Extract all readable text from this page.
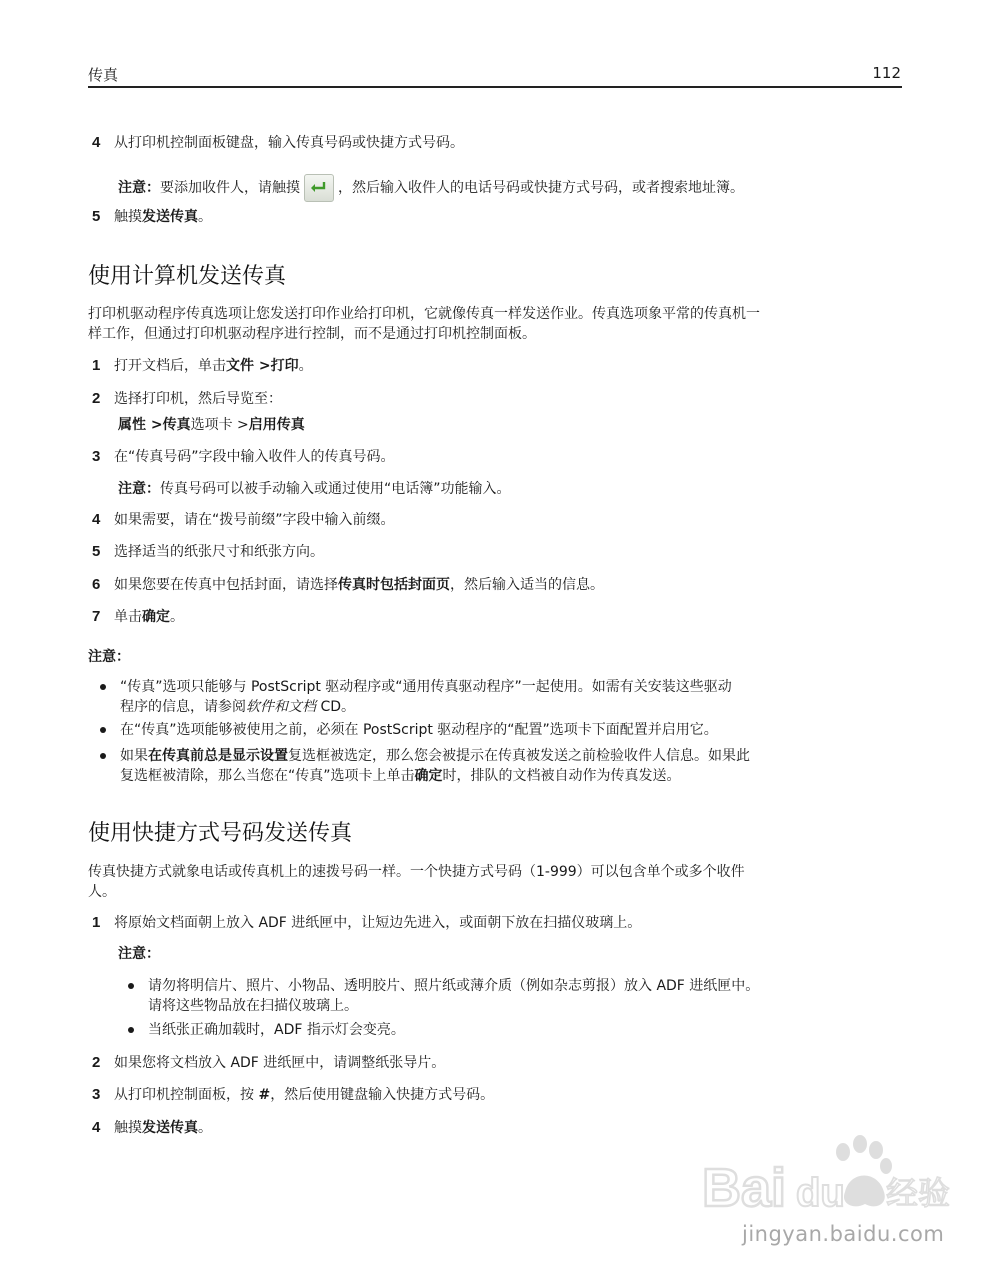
传真	112
4 从打印机控制面板键盘，输入传真号码或快捷方式号码。
注意：要添加收件人，请触摸	，然后输入收件人的电话号码或快捷方式号码，或者搜索地址簿。
5 触摸发送传真。
使用计算机发送传真
打印机驱动程序传真选项让您发送打印作业给打印机，它就像传真一样发送作业。传真选项象平常的传真机一
样工作，但通过打印机驱动程序进行控制，而不是通过打印机控制面板。
1 打开文档后，单击文件 >打印。
2 选择打印机，然后导览至：
属性 >传真选项卡 >启用传真
3 在“传真号码”字段中输入收件人的传真号码。
注意：传真号码可以被手动输入或通过使用“电话簿”功能输入。
4 如果需要，请在“拨号前缀”字段中输入前缀。
5 选择适当的纸张尺寸和纸张方向。
6 如果您要在传真中包括封面，请选择传真时包括封面页，然后输入适当的信息。
7 单击确定。
注意：
“传真”选项只能够与 PostScript 驱动程序或“通用传真驱动程序”一起使用。如需有关安装这些驱动
程序的信息，请参阅软件和文档 CD。
在“传真”选项能够被使用之前，必须在 PostScript 驱动程序的“配置”选项卡下面配置并启用它。
如果在传真前总是显示设置复选框被选定，那么您会被提示在传真被发送之前检验收件人信息。如果此
复选框被清除，那么当您在“传真”选项卡上单击确定时，排队的文档被自动作为传真发送。
使用快捷方式号码发送传真
传真快捷方式就象电话或传真机上的速拨号码一样。一个快捷方式号码（1-999）可以包含单个或多个收件
人。
1 将原始文档面朝上放入 ADF 进纸匣中，让短边先进入，或面朝下放在扫描仪玻璃上。
注意：
请勿将明信片、照片、小物品、透明胶片、照片纸或薄介质（例如杂志剪报）放入 ADF 进纸匣中。
请将这些物品放在扫描仪玻璃上。
当纸张正确加载时，ADF 指示灯会变亮。
2 如果您将文档放入 ADF 进纸匣中，请调整纸张导片。
3 从打印机控制面板，按 #，然后使用键盘输入快捷方式号码。
4 触摸发送传真。
Bai du 经验
jingyan.baidu.com
